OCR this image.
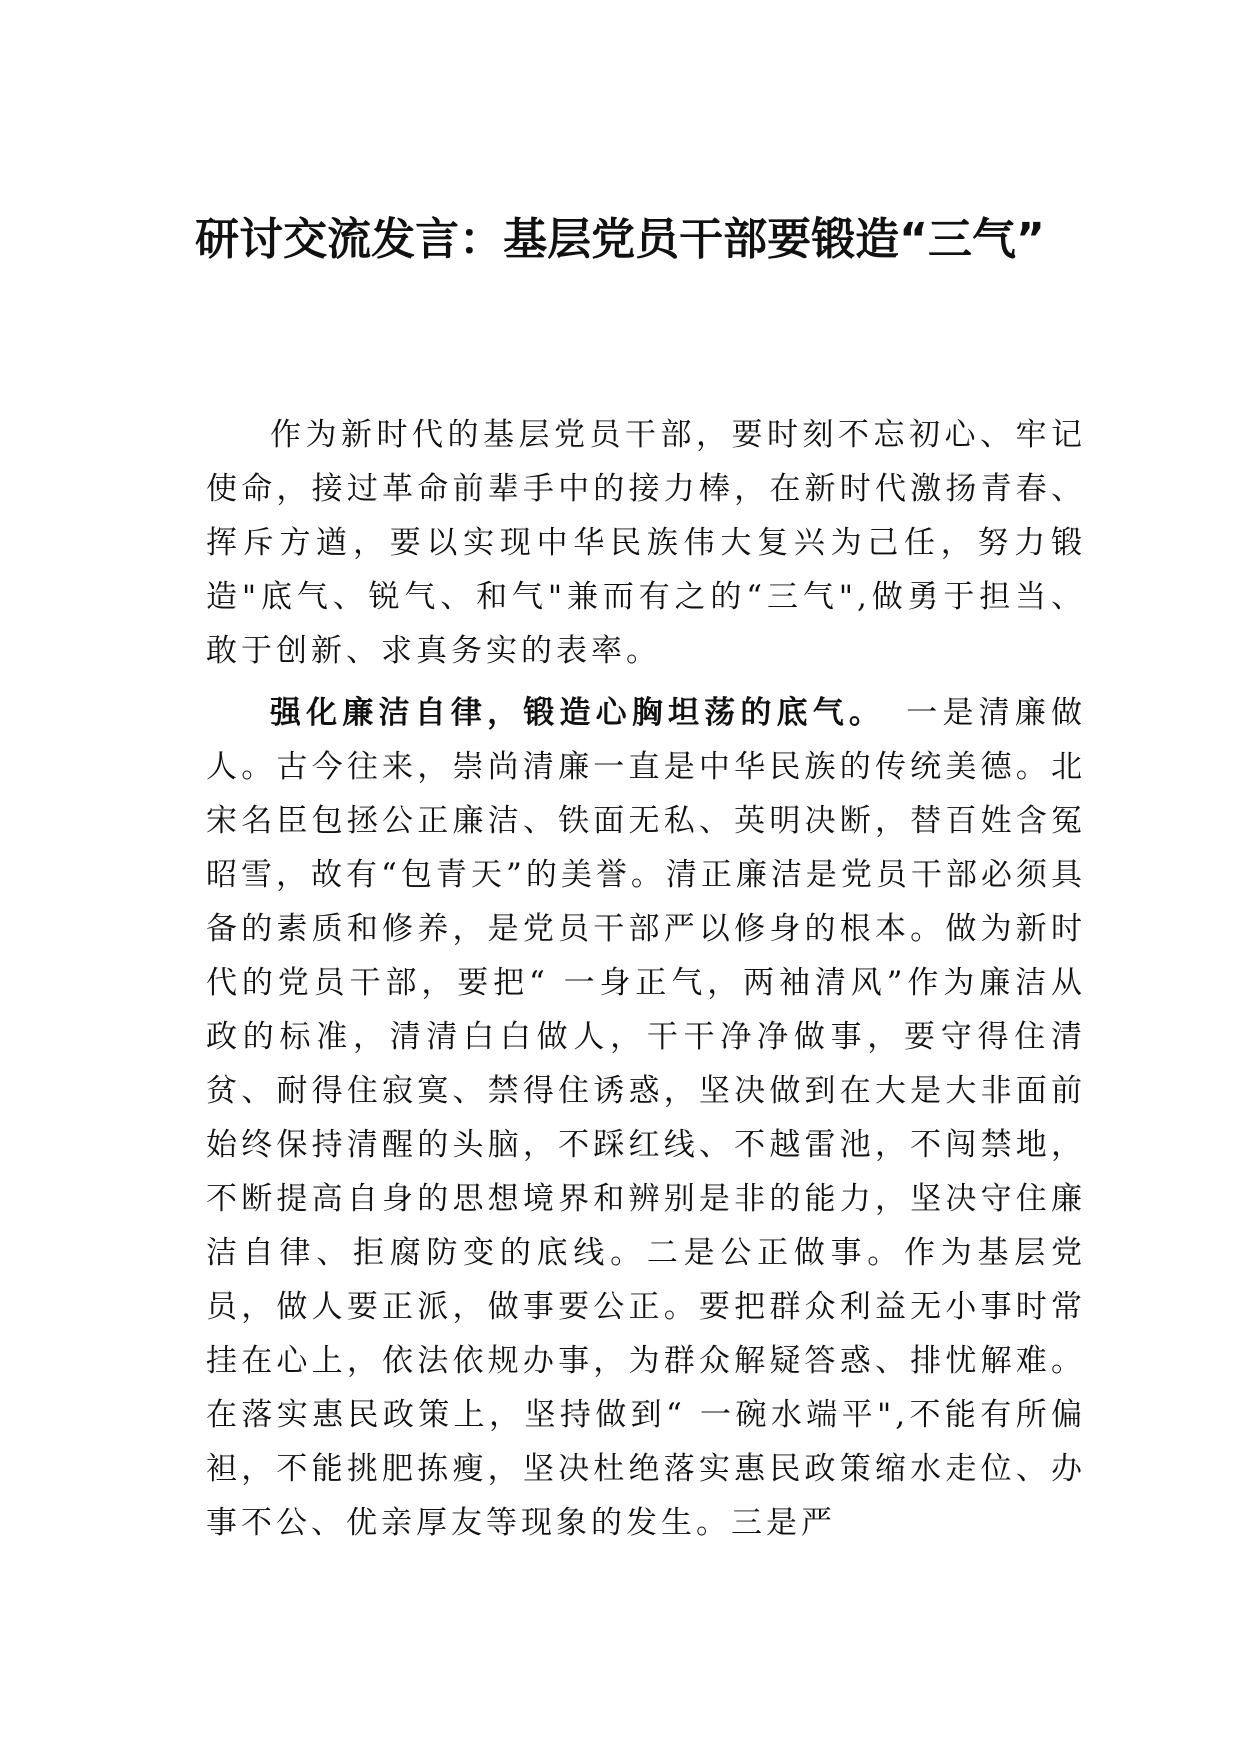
研讨交流发言：基层党员干部要锻造“三气”

作为新时代的基层党员干部，要时刻不忘初心、牢记使命，接过革命前辈手中的接力棒，在新时代激扬青春、挥斥方遒，要以实现中华民族伟大复兴为己任，努力锻造"底气、锐气、和气"兼而有之的“三气",做勇于担当、敢于创新、求真务实的表率。

强化廉洁自律，锻造心胸坦荡的底气。 一是清廉做人。古今往来，崇尚清廉一直是中华民族的传统美德。北宋名臣包拯公正廉洁、铁面无私、英明决断，替百姓含冤昭雪，故有“包青天”的美誉。清正廉洁是党员干部必须具备的素质和修养，是党员干部严以修身的根本。做为新时代的党员干部，要把“ 一身正气，两袖清风”作为廉洁从政的标准，清清白白做人，干干净净做事，要守得住清贫、耐得住寂寞、禁得住诱惑，坚决做到在大是大非面前始终保持清醒的头脑，不踩红线、不越雷池，不闯禁地，不断提高自身的思想境界和辨别是非的能力，坚决守住廉洁自律、拒腐防变的底线。二是公正做事。作为基层党员，做人要正派，做事要公正。要把群众利益无小事时常挂在心上，依法依规办事，为群众解疑答惑、排忧解难。在落实惠民政策上，坚持做到“ 一碗水端平",不能有所偏袒，不能挑肥拣瘦，坚决杜绝落实惠民政策缩水走位、办事不公、优亲厚友等现象的发生。三是严
